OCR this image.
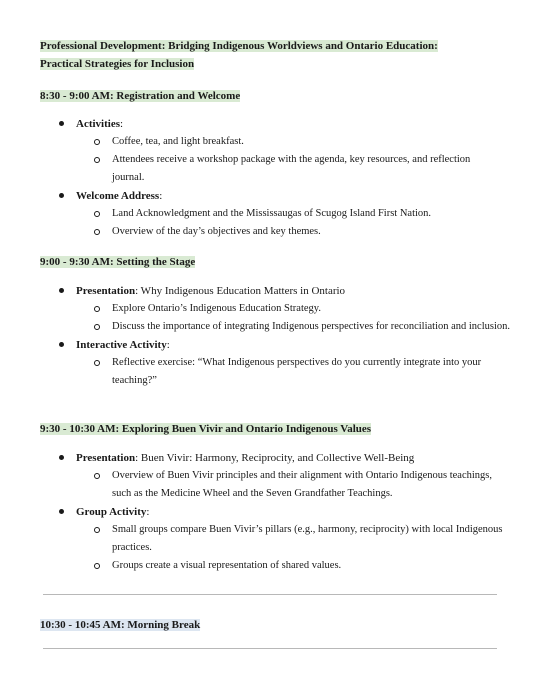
Professional Development: Bridging Indigenous Worldviews and Ontario Education:
Practical Strategies for Inclusion
8:30 - 9:00 AM: Registration and Welcome
Activities:
Coffee, tea, and light breakfast.
Attendees receive a workshop package with the agenda, key resources, and reflection journal.
Welcome Address:
Land Acknowledgment and the Mississaugas of Scugog Island First Nation.
Overview of the day’s objectives and key themes.
9:00 - 9:30 AM: Setting the Stage
Presentation: Why Indigenous Education Matters in Ontario
Explore Ontario’s Indigenous Education Strategy.
Discuss the importance of integrating Indigenous perspectives for reconciliation and inclusion.
Interactive Activity:
Reflective exercise: “What Indigenous perspectives do you currently integrate into your teaching?”
9:30 - 10:30 AM: Exploring Buen Vivir and Ontario Indigenous Values
Presentation: Buen Vivir: Harmony, Reciprocity, and Collective Well-Being
Overview of Buen Vivir principles and their alignment with Ontario Indigenous teachings, such as the Medicine Wheel and the Seven Grandfather Teachings.
Group Activity:
Small groups compare Buen Vivir’s pillars (e.g., harmony, reciprocity) with local Indigenous practices.
Groups create a visual representation of shared values.
10:30 - 10:45 AM: Morning Break
